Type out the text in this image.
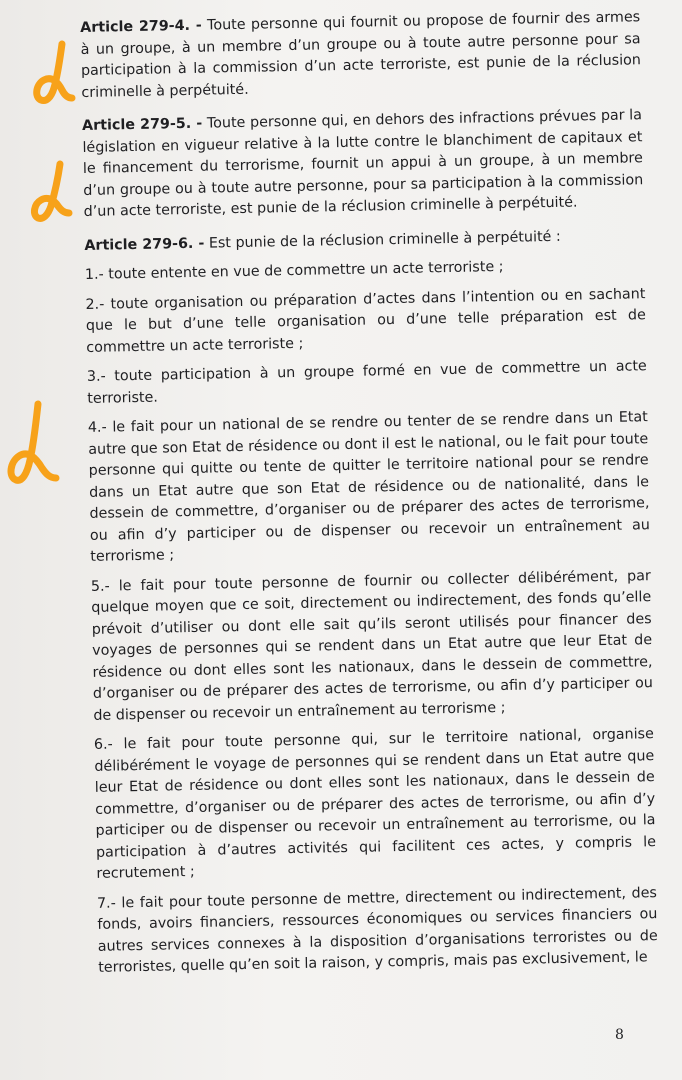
Article 279-4. - Toute personne qui fournit ou propose de fournir des armes à un groupe, à un membre d’un groupe ou à toute autre personne pour sa participation à la commission d’un acte terroriste, est punie de la réclusion criminelle à perpétuité.

Article 279-5. - Toute personne qui, en dehors des infractions prévues par la législation en vigueur relative à la lutte contre le blanchiment de capitaux et le financement du terrorisme, fournit un appui à un groupe, à un membre d’un groupe ou à toute autre personne, pour sa participation à la commission d’un acte terroriste, est punie de la réclusion criminelle à perpétuité.

Article 279-6. - Est punie de la réclusion criminelle à perpétuité :

1.- toute entente en vue de commettre un acte terroriste ;

2.- toute organisation ou préparation d’actes dans l’intention ou en sachant que le but d’une telle organisation ou d’une telle préparation est de commettre un acte terroriste ;

3.- toute participation à un groupe formé en vue de commettre un acte terroriste.

4.- le fait pour un national de se rendre ou tenter de se rendre dans un Etat autre que son Etat de résidence ou dont il est le national, ou le fait pour toute personne qui quitte ou tente de quitter le territoire national pour se rendre dans un Etat autre que son Etat de résidence ou de nationalité, dans le dessein de commettre, d’organiser ou de préparer des actes de terrorisme, ou afin d’y participer ou de dispenser ou recevoir un entraînement au terrorisme ;

5.- le fait pour toute personne de fournir ou collecter délibérément, par quelque moyen que ce soit, directement ou indirectement, des fonds qu’elle prévoit d’utiliser ou dont elle sait qu’ils seront utilisés pour financer des voyages de personnes qui se rendent dans un Etat autre que leur Etat de résidence ou dont elles sont les nationaux, dans le dessein de commettre, d’organiser ou de préparer des actes de terrorisme, ou afin d’y participer ou de dispenser ou recevoir un entraînement au terrorisme ;

6.- le fait pour toute personne qui, sur le territoire national, organise délibérément le voyage de personnes qui se rendent dans un Etat autre que leur Etat de résidence ou dont elles sont les nationaux, dans le dessein de commettre, d’organiser ou de préparer des actes de terrorisme, ou afin d’y participer ou de dispenser ou recevoir un entraînement au terrorisme, ou la participation à d’autres activités qui facilitent ces actes, y compris le recrutement ;

7.- le fait pour toute personne de mettre, directement ou indirectement, des fonds, avoirs financiers, ressources économiques ou services financiers ou autres services connexes à la disposition d’organisations terroristes ou de terroristes, quelle qu’en soit la raison, y compris, mais pas exclusivement, le

8
